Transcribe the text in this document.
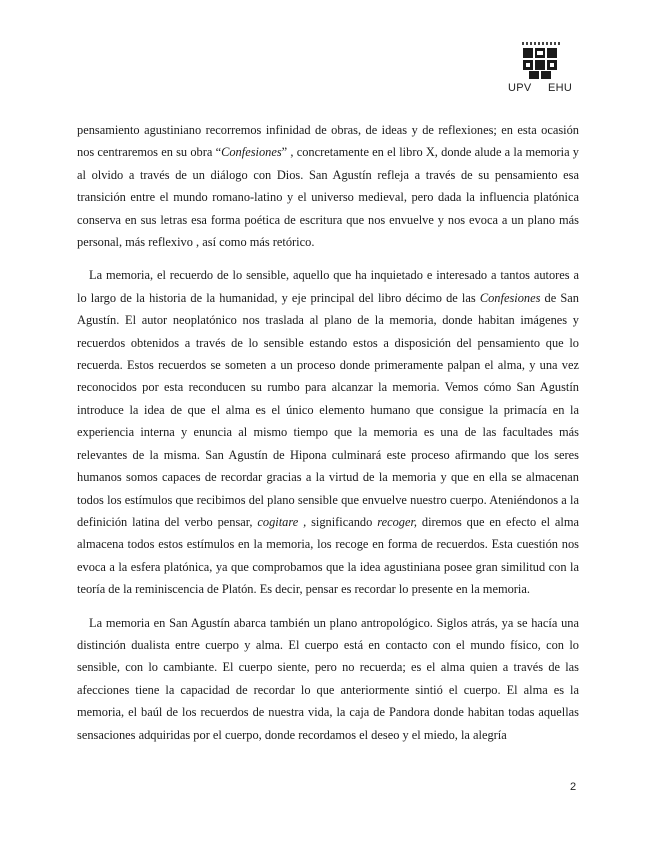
UPV EHU

pensamiento agustiniano recorremos infinidad de obras, de ideas y de reflexiones; en esta ocasión nos centraremos en su obra “Confesiones” , concretamente en el libro X, donde alude a la memoria y al olvido a través de un diálogo con Dios. San Agustín refleja a través de su pensamiento esa transición entre el mundo romano-latino y el universo medieval, pero dada la influencia platónica conserva en sus letras esa forma poética de escritura que nos envuelve y nos evoca a un plano más personal, más reflexivo , así como más retórico.

La memoria, el recuerdo de lo sensible, aquello que ha inquietado e interesado a tantos autores a lo largo de la historia de la humanidad, y eje principal del libro décimo de las Confesiones de San Agustín. El autor neoplatónico nos traslada al plano de la memoria, donde habitan imágenes y recuerdos obtenidos a través de lo sensible estando estos a disposición del pensamiento que lo recuerda. Estos recuerdos se someten a un proceso donde primeramente palpan el alma, y una vez reconocidos por esta reconducen su rumbo para alcanzar la memoria. Vemos cómo San Agustín introduce la idea de que el alma es el único elemento humano que consigue la primacía en la experiencia interna y enuncia al mismo tiempo que la memoria es una de las facultades más relevantes de la misma. San Agustín de Hipona culminará este proceso afirmando que los seres humanos somos capaces de recordar gracias a la virtud de la memoria y que en ella se almacenan todos los estímulos que recibimos del plano sensible que envuelve nuestro cuerpo. Ateniéndonos a la definición latina del verbo pensar, cogitare , significando recoger, diremos que en efecto el alma almacena todos estos estímulos en la memoria, los recoge en forma de recuerdos. Esta cuestión nos evoca a la esfera platónica, ya que comprobamos que la idea agustiniana posee gran similitud con la teoría de la reminiscencia de Platón. Es decir, pensar es recordar lo presente en la memoria.

La memoria en San Agustín abarca también un plano antropológico. Siglos atrás, ya se hacía una distinción dualista entre cuerpo y alma. El cuerpo está en contacto con el mundo físico, con lo sensible, con lo cambiante. El cuerpo siente, pero no recuerda; es el alma quien a través de las afecciones tiene la capacidad de recordar lo que anteriormente sintió el cuerpo. El alma es la memoria, el baúl de los recuerdos de nuestra vida, la caja de Pandora donde habitan todas aquellas sensaciones adquiridas por el cuerpo, donde recordamos el deseo y el miedo, la alegría

2
